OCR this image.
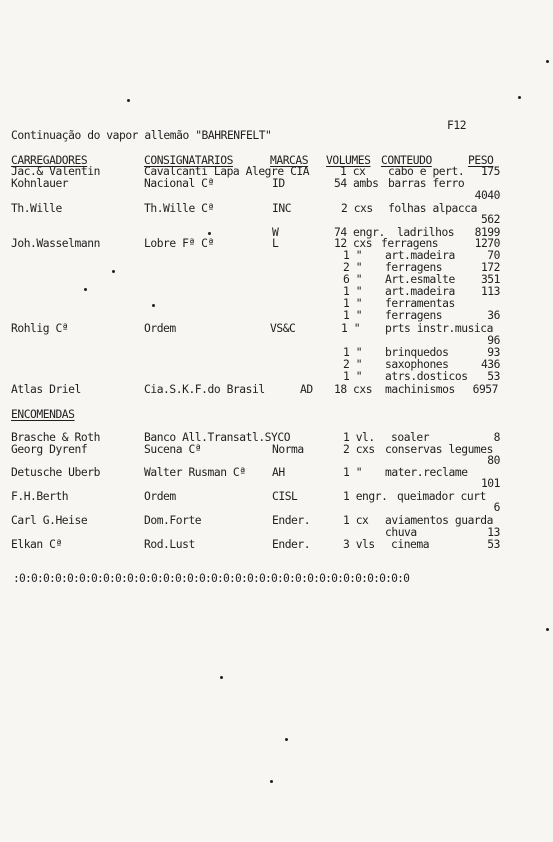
F12
Continuação do vapor allemão "BAHRENFELT"
CARREGADORES	CONSIGNATARIOS	MARCAS VOLUMES CONTEUDO	PESO
Jac.& Valentin	Cavalcanti Lapa Alegre CIA	1 cx cabo e pert.	175
Kohnlauer	Nacional Cª	ID	54 ambs barras ferro
4040
Th.Wille	Th.Wille Cª	INC	2 cxs folhas alpacca
562
W	74 engr. ladrilhos	8199
Joh.Wasselmann	Lobre Fª Cª	L	12 cxs ferragens	1270
1 " art.madeira	70
2 " ferragens	172
6 " Art.esmalte	351
1 " art.madeira	113
1 " ferramentas
1 " ferragens	36
Rohlig Cª	Ordem	VS&C	1 " prts instr.musica
96
1 " brinquedos	93
2 " saxophones	436
1 " atrs.dosticos	53
Atlas Driel	Cia.S.K.F.do Brasil	AD 18 cxs machinismos	6957
ENCOMENDAS
Brasche & Roth	Banco All.Transatl.SYCO	1 vl. soaler	8
Georg Dyrenf	Sucena Cª	Norma	2 cxs conservas legumes
80
Detusche Uberb	Walter Rusman Cª AH	1 " mater.reclame
101
F.H.Berth	Ordem	CISL	1 engr. queimador curt
6
Carl G.Heise	Dom.Forte	Ender.	1 cx aviamentos guarda chuva	13
Elkan Cª	Rod.Lust	Ender.	3 vls cinema	53
:0:0:0:0:0:0:0:0:0:0:0:0:0:0:0:0:0:0:0:0:0:0:0:0:0:0:0:0:0:0:0:0:0
